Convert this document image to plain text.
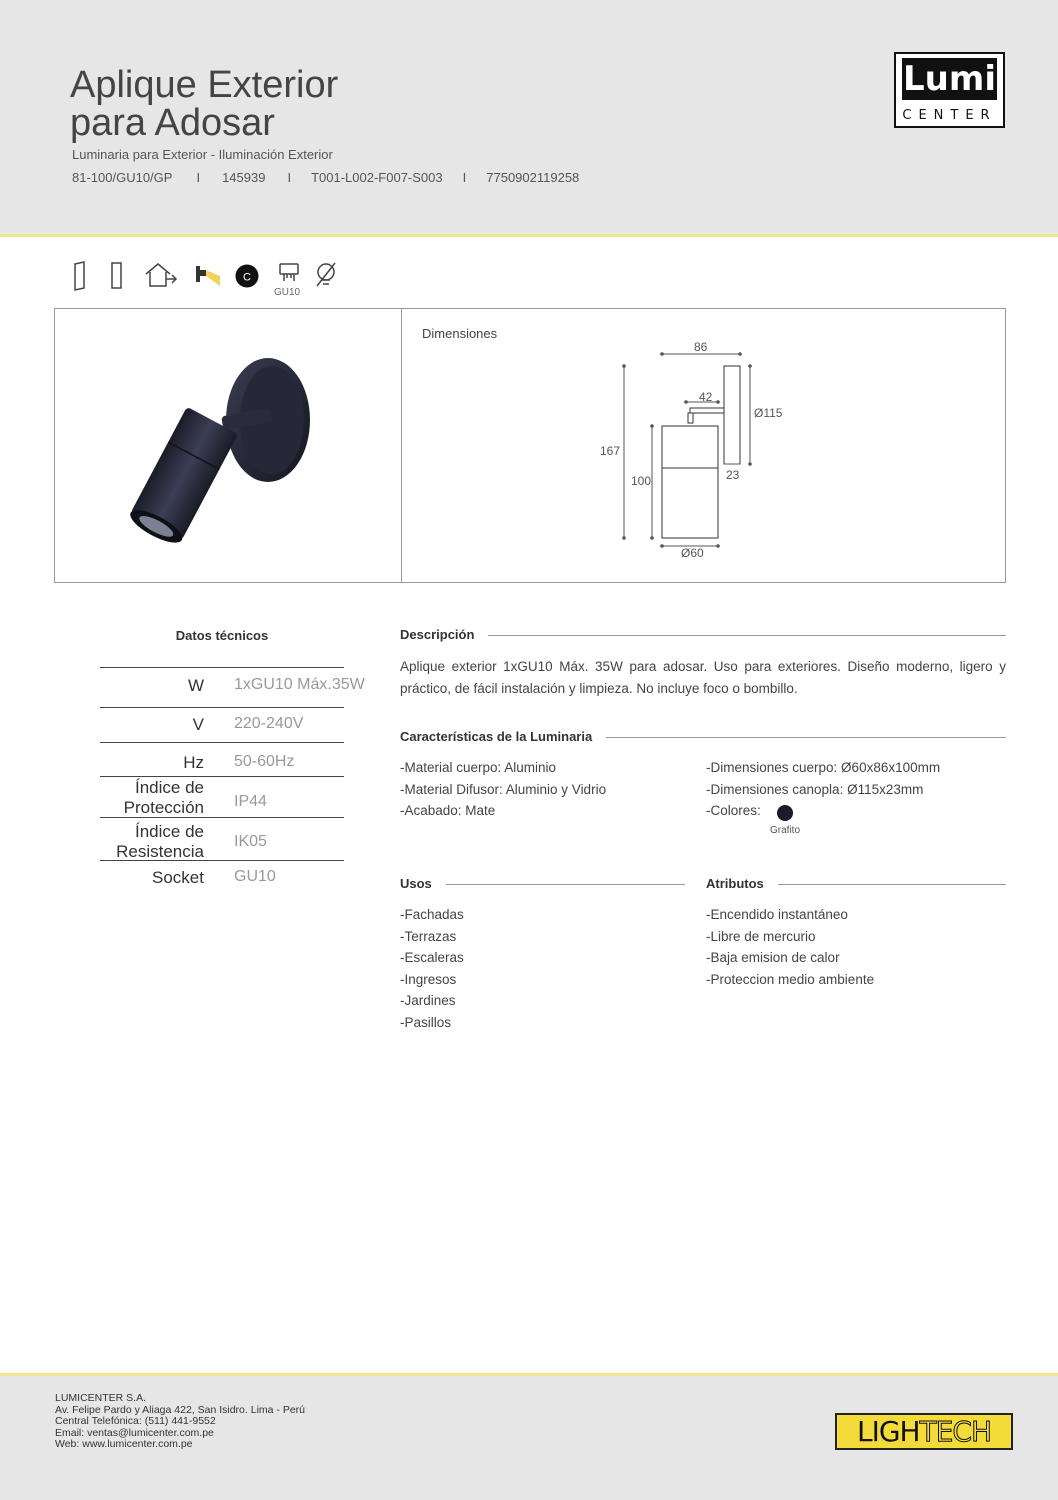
Aplique Exterior
para Adosar
Luminaria para Exterior - Iluminación Exterior
81-100/GU10/GP I 145939 I T001-L002-F007-S003 I 7750902119258
Lumi
CENTER
C
GU10
Dimensiones
86
42
Ø115
167
23
100
Ø60
Datos técnicos
W 1xGU10 Máx.35W
V 220-240V
Hz 50-60Hz
Índice de
Protección IP44
Índice de
Resistencia
IK05
Socket GU10
Descripción
Aplique exterior 1xGU10 Máx. 35W para adosar. Uso para exteriores. Diseño moderno, ligero y práctico, de fácil instalación y limpieza. No incluye foco o bombillo.
Características de la Luminaria
-Material cuerpo: Aluminio
-Material Difusor: Aluminio y Vidrio
-Acabado: Mate
-Dimensiones cuerpo: Ø60x86x100mm
-Dimensiones canopla: Ø115x23mm
-Colores:
Grafito
Usos
-Fachadas
-Terrazas
-Escaleras
-Ingresos
-Jardines
-Pasillos
Atributos
-Encendido instantáneo
-Libre de mercurio
-Baja emision de calor
-Proteccion medio ambiente
LUMICENTER S.A.
Av. Felipe Pardo y Aliaga 422, San Isidro. Lima - Perú
Central Telefónica: (511) 441-9552
Email: ventas@lumicenter.com.pe
Web: www.lumicenter.com.pe	LIGHTECH
